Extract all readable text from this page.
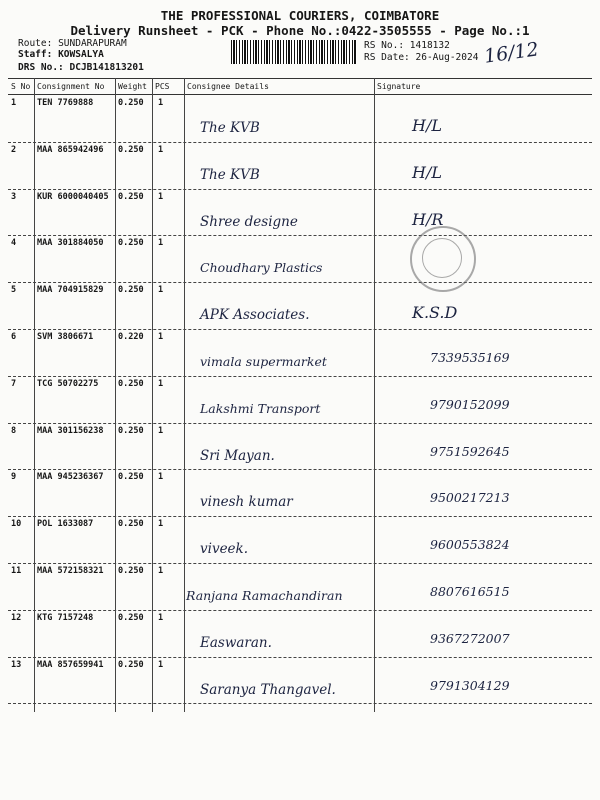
THE PROFESSIONAL COURIERS, COIMBATORE
Delivery Runsheet - PCK - Phone No.:0422-3505555 - Page No.:1
Route: SUNDARAPURAM
Staff: KOWSALYA
DRS No.: DCJB141813201
RS No.: 1418132
RS Date: 26-Aug-2024 16/12
S No Consignment No Weight PCS Consignee Details	Signature
1 TEN 7769888	0.250 1
The KVB	H/L
2 MAA 865942496 0.250 1
The KVB	H/L
3 KUR 6000040405 0.250 1
Shree designe	H/R
4 MAA 301884050 0.250 1
Choudhary Plastics
5 MAA 704915829 0.250 1
APK Associates.	K.S.D
6 SVM 3806671	0.220 1
vimala supermarket	7339535169
7 TCG 50702275 0.250 1
Lakshmi Transport	9790152099
8 MAA 301156238 0.250 1
Sri Mayan.	9751592645
9 MAA 945236367 0.250 1
vinesh kumar	9500217213
10 POL 1633087	0.250 1
viveek.	9600553824
11 MAA 572158321 0.250 1
Ranjana Ramachandiran	8807616515
12 KTG 7157248	0.250 1
Easwaran.	9367272007
13 MAA 857659941 0.250 1
Saranya Thangavel.	9791304129
